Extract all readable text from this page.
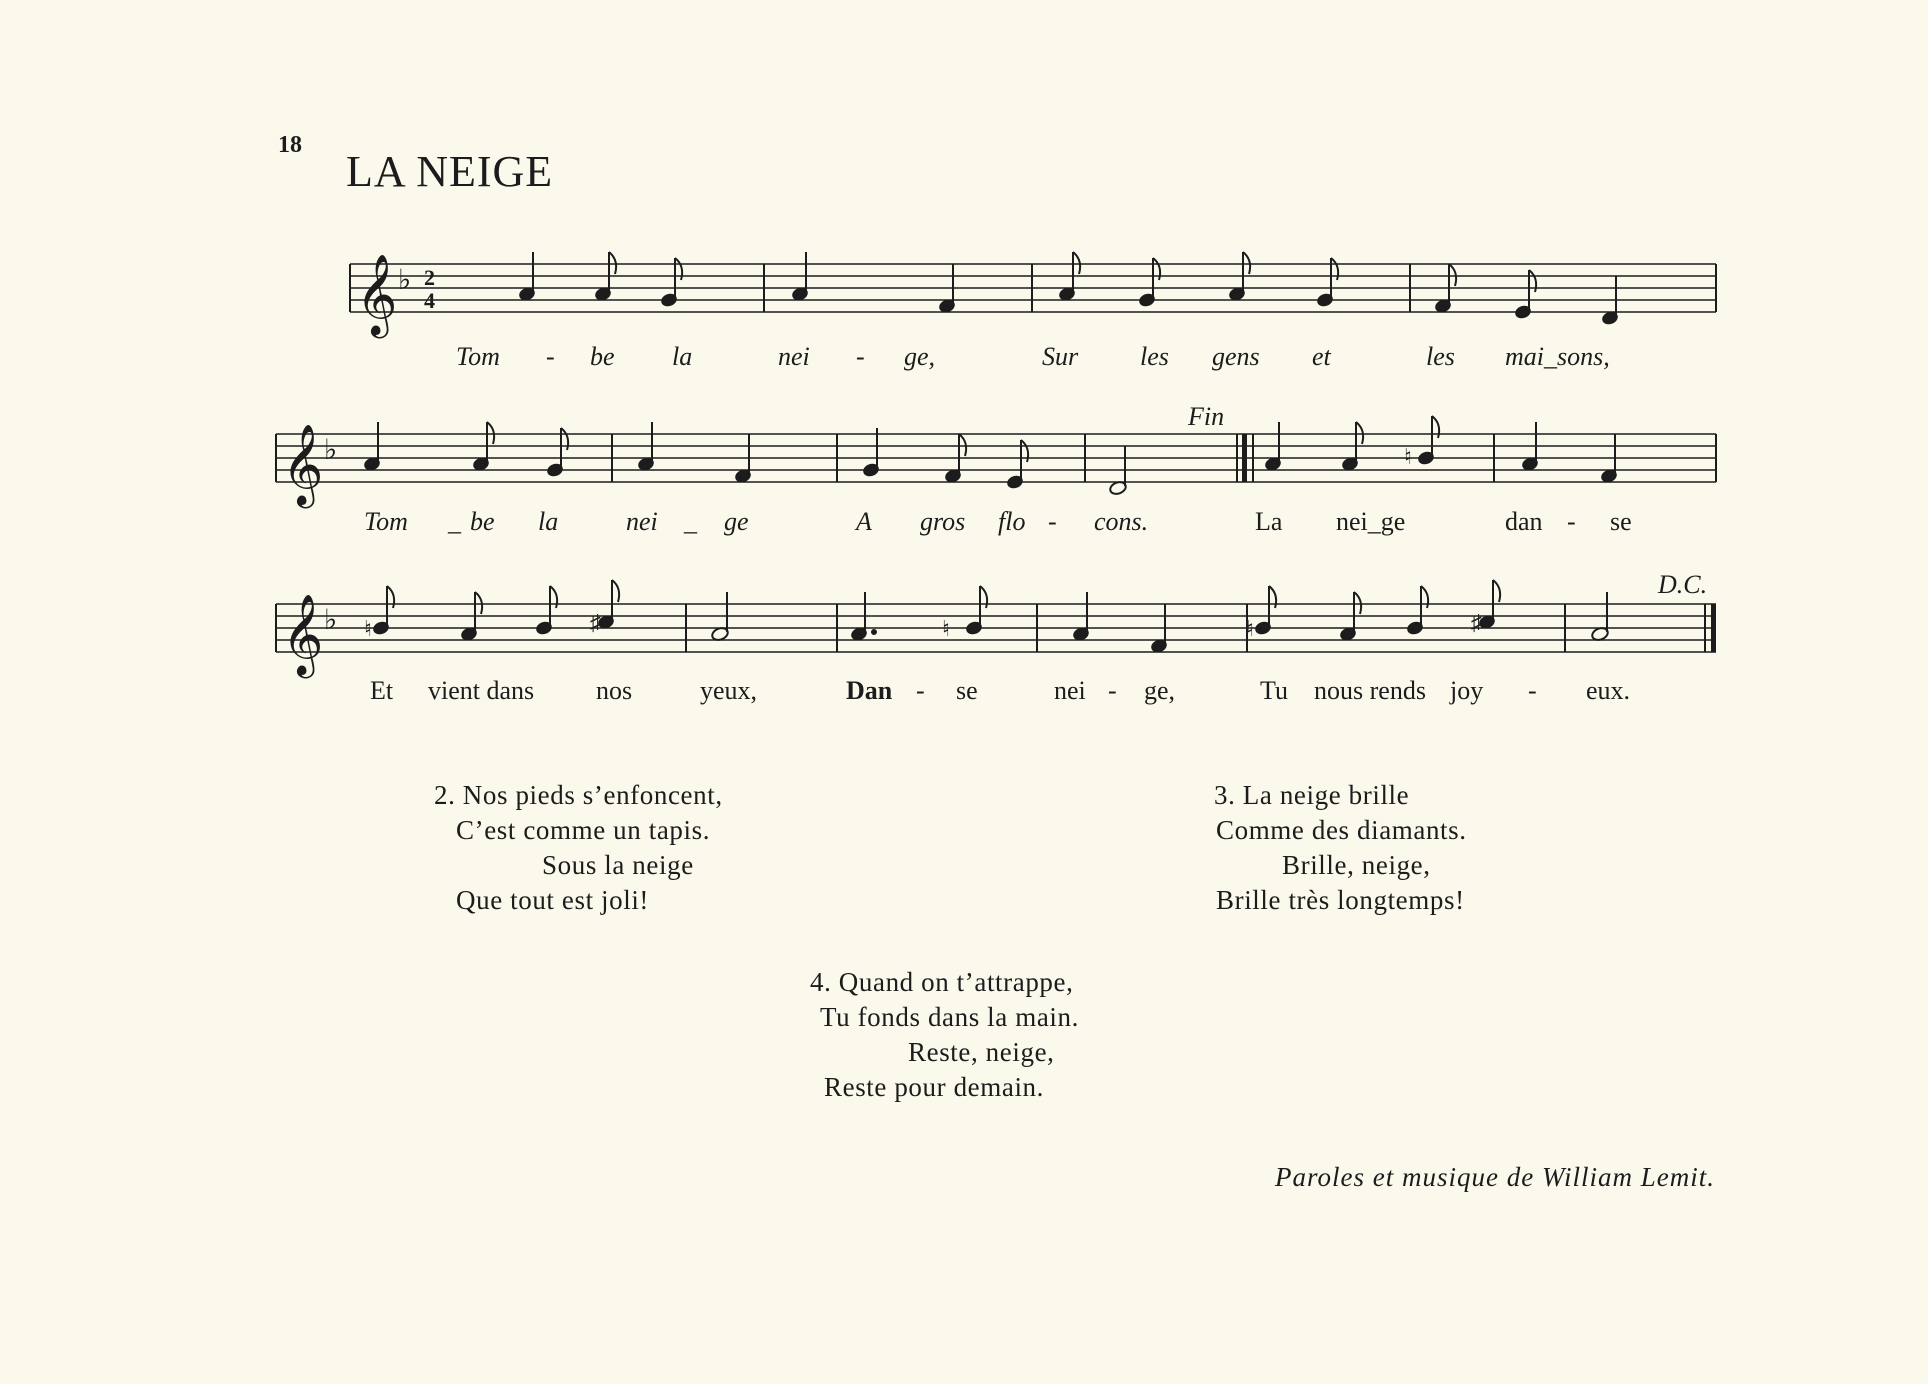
18
LA NEIGE
𝄞 ♭ 2
4
Tom - be la	nei - ge,	Sur les gens et	les mai_sons,
𝄞 ♭	♮
Fin
Tom _ be la	nei _ ge	A gros flo - cons.	La nei_ge	dan - se
𝄞 ♭ ♮	♯	♮	♮	♯
D.C.
Et vient dans nos	yeux,	Dan - se	nei - ge,	Tu nous rends joy - eux.
2. Nos pieds s’enfoncent,
C’est comme un tapis.
Sous la neige
Que tout est joli!
3. La neige brille
Comme des diamants.
Brille, neige,
Brille très longtemps!
4. Quand on t’attrappe,
Tu fonds dans la main.
Reste, neige,
Reste pour demain.
Paroles et musique de William Lemit.
